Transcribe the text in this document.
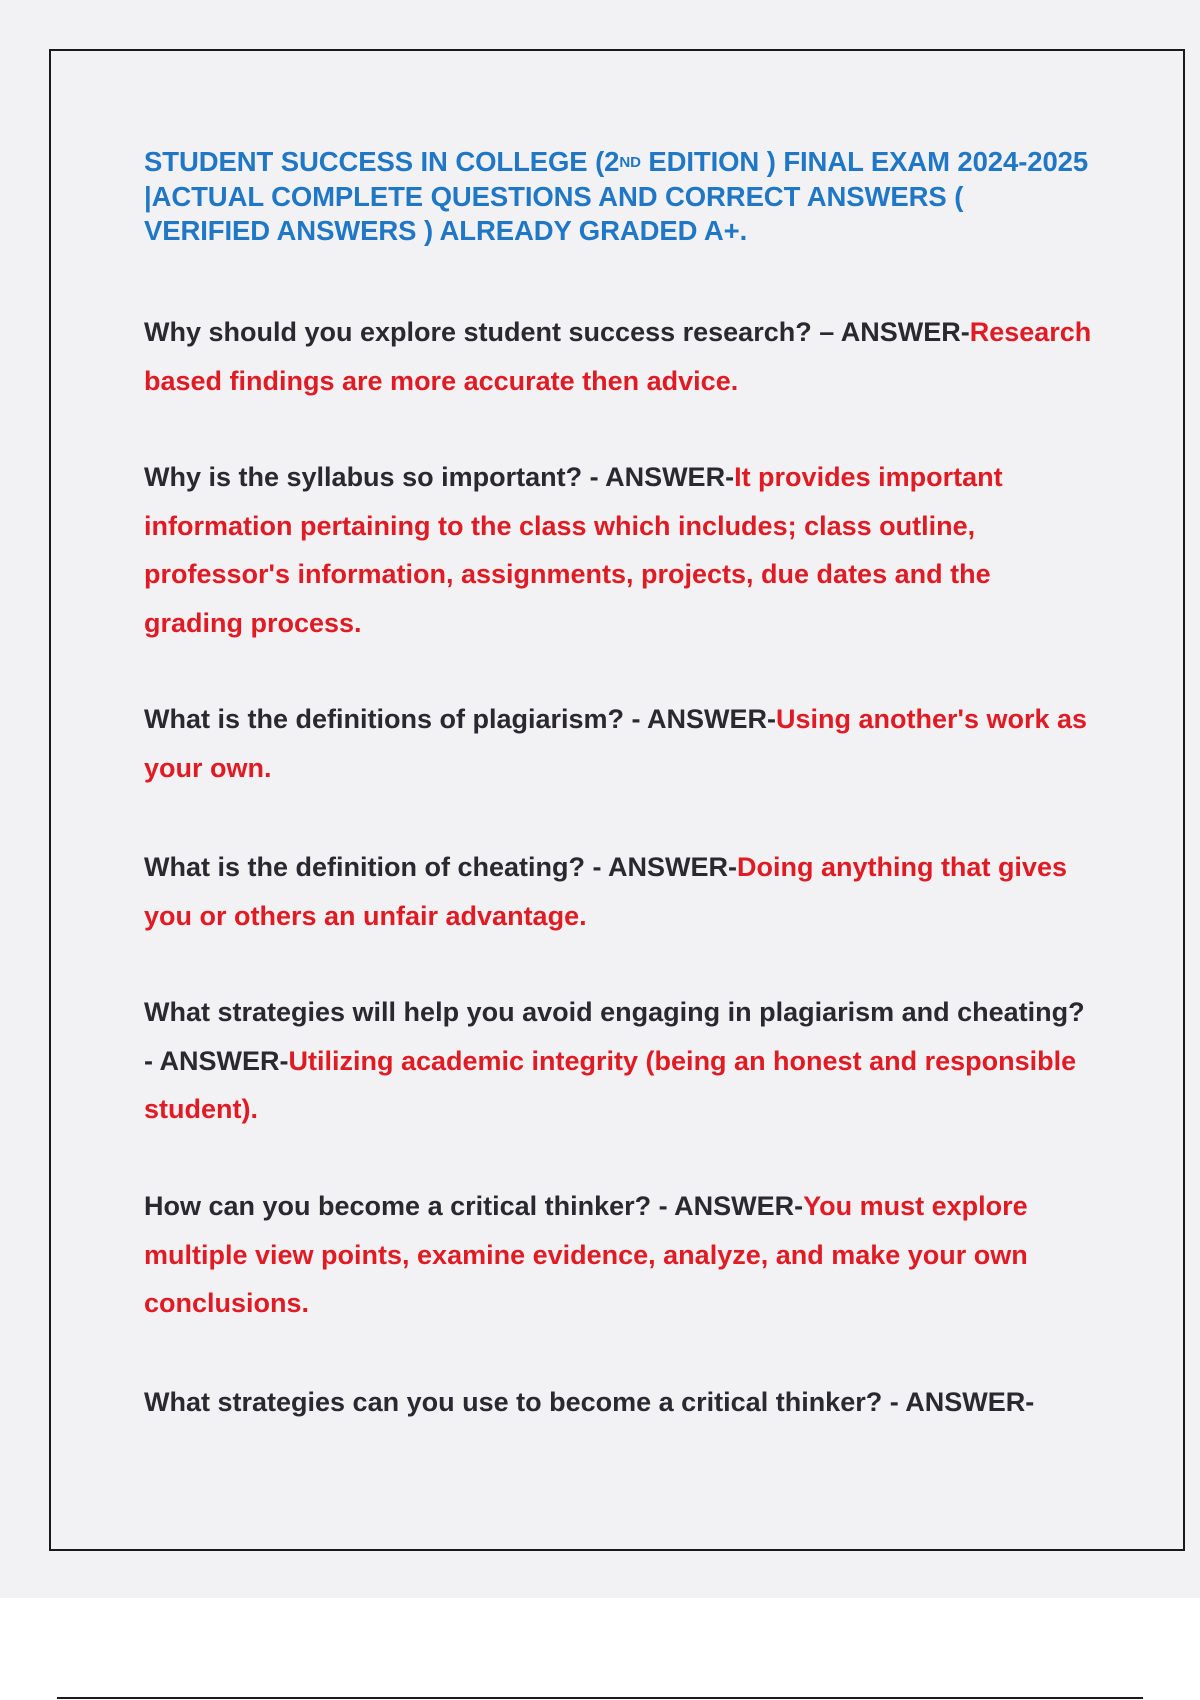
STUDENT SUCCESS IN COLLEGE (2ND EDITION ) FINAL EXAM 2024-2025 |ACTUAL COMPLETE QUESTIONS AND CORRECT ANSWERS ( VERIFIED ANSWERS ) ALREADY GRADED A+.

Why should you explore student success research? – ANSWER-Research based findings are more accurate then advice.

Why is the syllabus so important? - ANSWER-It provides important information pertaining to the class which includes; class outline, professor's information, assignments, projects, due dates and the grading process.

What is the definitions of plagiarism? - ANSWER-Using another's work as your own.

What is the definition of cheating? - ANSWER-Doing anything that gives you or others an unfair advantage.

What strategies will help you avoid engaging in plagiarism and cheating? - ANSWER-Utilizing academic integrity (being an honest and responsible student).

How can you become a critical thinker? - ANSWER-You must explore multiple view points, examine evidence, analyze, and make your own conclusions.

What strategies can you use to become a critical thinker? - ANSWER-
